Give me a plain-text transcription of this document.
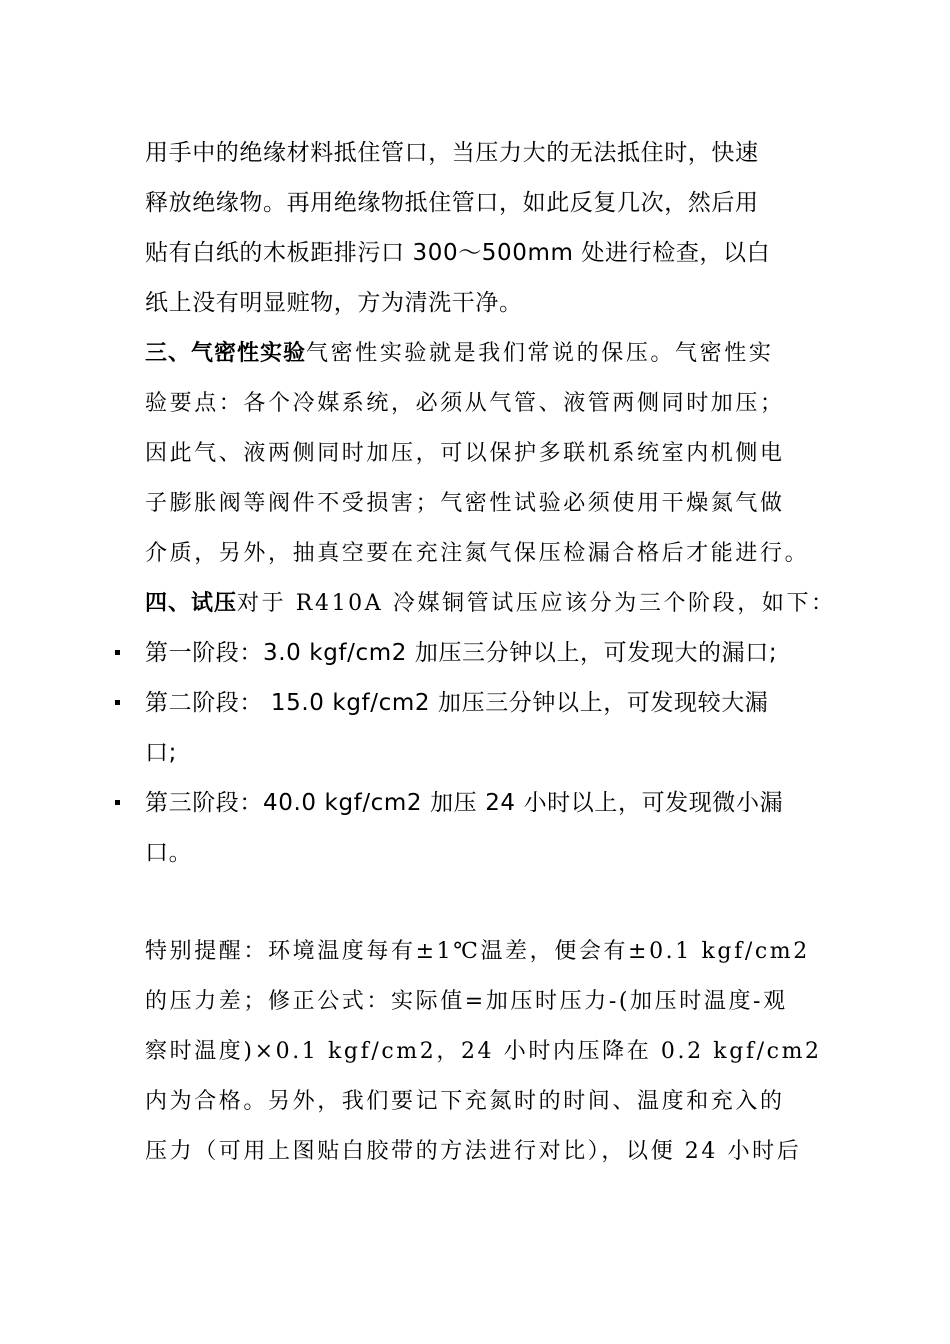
用手中的绝缘材料抵住管口，当压力大的无法抵住时，快速
释放绝缘物。再用绝缘物抵住管口，如此反复几次，然后用
贴有白纸的木板距排污口 300～500mm 处进行检查，以白
纸上没有明显赃物，方为清洗干净。
三、气密性实验气密性实验就是我们常说的保压。气密性实
验要点：各个冷媒系统，必须从气管、液管两侧同时加压；
因此气、液两侧同时加压，可以保护多联机系统室内机侧电
子膨胀阀等阀件不受损害；气密性试验必须使用干燥氮气做
介质，另外，抽真空要在充注氮气保压检漏合格后才能进行。
四、试压对于 R410A 冷媒铜管试压应该分为三个阶段，如下：
第一阶段：3.0 kgf/cm2 加压三分钟以上，可发现大的漏口;
第二阶段： 15.0 kgf/cm2 加压三分钟以上，可发现较大漏
口;
第三阶段：40.0 kgf/cm2 加压 24 小时以上，可发现微小漏
口。
特别提醒：环境温度每有±1℃温差，便会有±0.1 kgf/cm2
的压力差；修正公式：实际值=加压时压力-(加压时温度-观
察时温度)×0.1 kgf/cm2，24 小时内压降在 0.2 kgf/cm2
内为合格。另外，我们要记下充氮时的时间、温度和充入的
压力（可用上图贴白胶带的方法进行对比），以便 24 小时后
